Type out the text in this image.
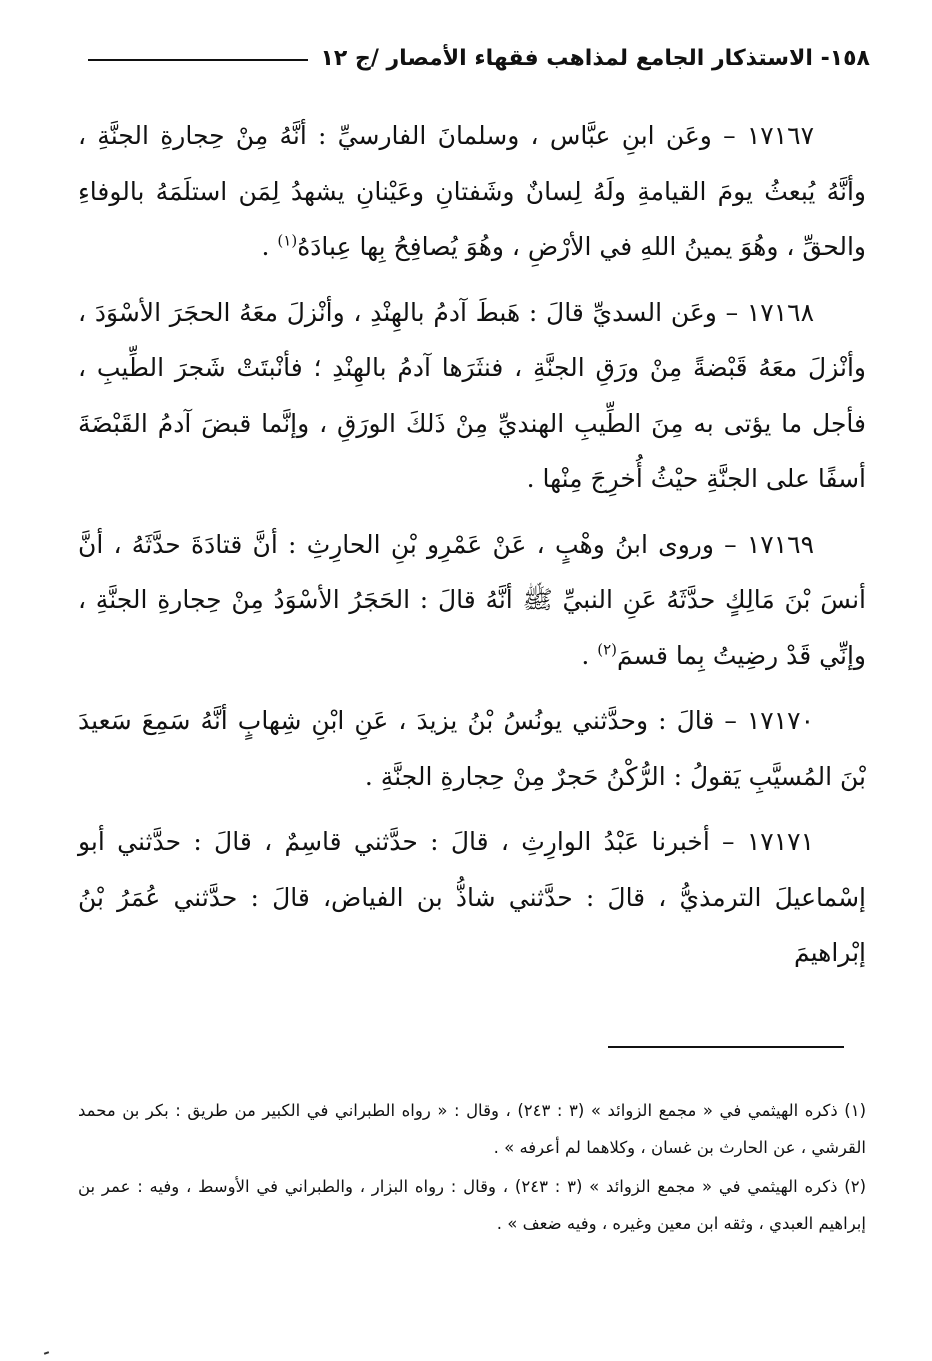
١٥٨- الاستذكار الجامع لمذاهب فقهاء الأمصار /ج ١٢

١٧١٦٧ – وعَن ابنِ عبَّاس ، وسلمانَ الفارسيِّ : أنَّهُ مِنْ حِجارةِ الجنَّةِ ، وأنَّهُ يُبعثُ يومَ القيامةِ ولَهُ لِسانٌ وشَفتانِ وعَيْنانِ يشهدُ لِمَن استلَمَهُ بالوفاءِ والحقِّ ، وهُوَ يمينُ اللهِ في الأرْضِ ، وهُوَ يُصافِحُ بِها عِبادَهُ$^{(١)}$ .

١٧١٦٨ – وعَن السديِّ قالَ : هَبطَ آدمُ بالهِنْدِ ، وأنْزلَ معَهُ الحجَرَ الأسْوَدَ ، وأنْزلَ معَهُ قَبْضةً مِنْ ورَقِ الجنَّةِ ، فنثَرَها آدمُ بالهِنْدِ ؛ فأنْبتَتْ شَجرَ الطِّيبِ ، فأجل ما يؤتى به مِنَ الطِّيبِ الهنديِّ مِنْ ذَلكَ الورَقِ ، وإنَّما قبضَ آدمُ القَبْضَةَ أسفًا على الجنَّةِ حيْثُ أُخرِجَ مِنْها .

١٧١٦٩ – وروى ابنُ وهْبٍ ، عَنْ عَمْرِو بْنِ الحارِثِ : أنَّ قتادَةَ حدَّثَهُ ، أنَّ أنسَ بْنَ مَالِكٍ حدَّثَهُ عَنِ النبيِّ ﷺ أنَّهُ قالَ : الحَجَرُ الأسْوَدُ مِنْ حِجارةِ الجنَّةِ ، وإنِّي قَدْ رضِيتُ بِما قسمَ$^{(٢)}$ .

١٧١٧٠ – قالَ : وحدَّثني يونُسُ بْنُ يزيدَ ، عَنِ ابْنِ شِهابٍ أنَّهُ سَمِعَ سَعيدَ بْنَ المُسيَّبِ يَقولُ : الرُّكْنُ حَجرٌ مِنْ حِجارةِ الجنَّةِ .

١٧١٧١ – أخبرنا عَبْدُ الوارِثِ ، قالَ : حدَّثني قاسِمٌ ، قالَ : حدَّثني أبو إسْماعيلَ الترمذيُّ ، قالَ : حدَّثني شاذُّ بن الفياض، قالَ : حدَّثني عُمَرُ بْنُ إبْراهيمَ

(١) ذكره الهيثمي في « مجمع الزوائد » (٣ : ٢٤٣) ، وقال : « رواه الطبراني في الكبير من طريق : بكر بن محمد القرشي ، عن الحارث بن غسان ، وكلاهما لم أعرفه » .

(٢) ذكره الهيثمي في « مجمع الزوائد » (٣ : ٢٤٣) ، وقال : رواه البزار ، والطبراني في الأوسط ، وفيه : عمر بن إبراهيم العبدي ، وثقه ابن معين وغيره ، وفيه ضعف » .
